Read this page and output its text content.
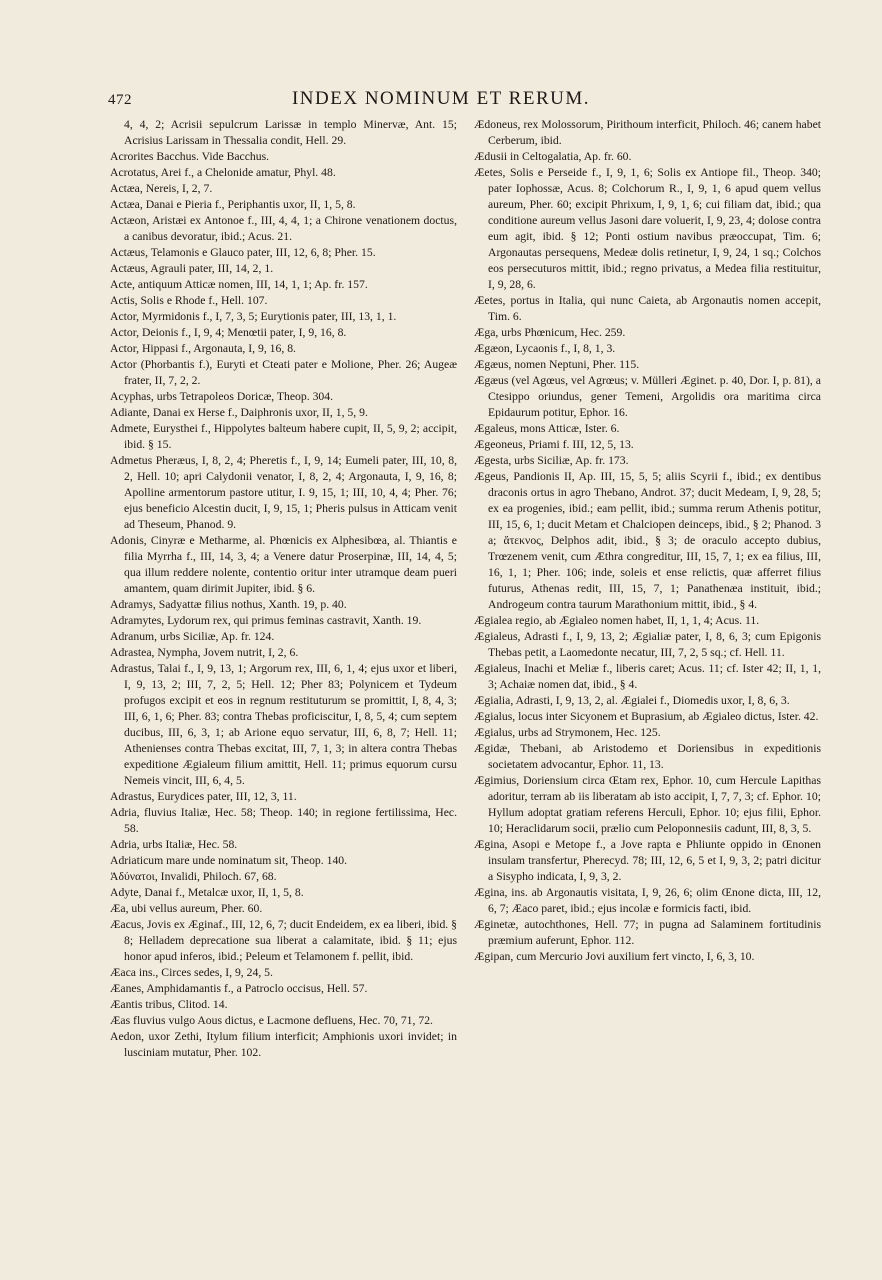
472	INDEX NOMINUM ET RERUM.

4, 4, 2; Acrisii sepulcrum Larissæ in templo Minervæ, Ant. 15; Acrisius Larissam in Thessalia condit, Hell. 29.

Acrorites Bacchus. Vide Bacchus.

Acrotatus, Arei f., a Chelonide amatur, Phyl. 48.

Actæa, Nereis, I, 2, 7.

Actæa, Danai e Pieria f., Periphantis uxor, II, 1, 5, 8.

Actæon, Aristæi ex Antonoe f., III, 4, 4, 1; a Chirone venationem doctus, a canibus devoratur, ibid.; Acus. 21.

Actæus, Telamonis e Glauco pater, III, 12, 6, 8; Pher. 15.

Actæus, Agrauli pater, III, 14, 2, 1.

Acte, antiquum Atticæ nomen, III, 14, 1, 1; Ap. fr. 157.

Actis, Solis e Rhode f., Hell. 107.

Actor, Myrmidonis f., I, 7, 3, 5; Eurytionis pater, III, 13, 1, 1.

Actor, Deionis f., I, 9, 4; Menœtii pater, I, 9, 16, 8.

Actor, Hippasi f., Argonauta, I, 9, 16, 8.

Actor (Phorbantis f.), Euryti et Cteati pater e Molione, Pher. 26; Augeæ frater, II, 7, 2, 2.

Acyphas, urbs Tetrapoleos Doricæ, Theop. 304.

Adiante, Danai ex Herse f., Daiphronis uxor, II, 1, 5, 9.

Admete, Eurysthei f., Hippolytes balteum habere cupit, II, 5, 9, 2; accipit, ibid. § 15.

Admetus Pheræus, I, 8, 2, 4; Pheretis f., I, 9, 14; Eumeli pater, III, 10, 8, 2, Hell. 10; apri Calydonii venator, I, 8, 2, 4; Argonauta, I, 9, 16, 8; Apolline armentorum pastore utitur, I. 9, 15, 1; III, 10, 4, 4; Pher. 76; ejus beneficio Alcestin ducit, I, 9, 15, 1; Pheris pulsus in Atticam venit ad Theseum, Phanod. 9.

Adonis, Cinyræ e Metharme, al. Phœnicis ex Alphesibœa, al. Thiantis e filia Myrrha f., III, 14, 3, 4; a Venere datur Proserpinæ, III, 14, 4, 5; qua illum reddere nolente, contentio oritur inter utramque deam pueri amantem, quam dirimit Jupiter, ibid. § 6.

Adramys, Sadyattæ filius nothus, Xanth. 19, p. 40.

Adramytes, Lydorum rex, qui primus feminas castravit, Xanth. 19.

Adranum, urbs Siciliæ, Ap. fr. 124.

Adrastea, Nympha, Jovem nutrit, I, 2, 6.

Adrastus, Talai f., I, 9, 13, 1; Argorum rex, III, 6, 1, 4; ejus uxor et liberi, I, 9, 13, 2; III, 7, 2, 5; Hell. 12; Pher 83; Polynicem et Tydeum profugos excipit et eos in regnum restituturum se promittit, I, 8, 4, 3; III, 6, 1, 6; Pher. 83; contra Thebas proficiscitur, I, 8, 5, 4; cum septem ducibus, III, 6, 3, 1; ab Arione equo servatur, III, 6, 8, 7; Hell. 11; Athenienses contra Thebas excitat, III, 7, 1, 3; in altera contra Thebas expeditione Ægialeum filium amittit, Hell. 11; primus equorum cursu Nemeis vincit, III, 6, 4, 5.

Adrastus, Eurydices pater, III, 12, 3, 11.

Adria, fluvius Italiæ, Hec. 58; Theop. 140; in regione fertilissima, Hec. 58.

Adria, urbs Italiæ, Hec. 58.

Adriaticum mare unde nominatum sit, Theop. 140.

Ἀδύνατοι, Invalidi, Philoch. 67, 68.

Adyte, Danai f., Metalcæ uxor, II, 1, 5, 8.

Æa, ubi vellus aureum, Pher. 60.

Æacus, Jovis ex Æginaf., III, 12, 6, 7; ducit Endeidem, ex ea liberi, ibid. § 8; Helladem deprecatione sua liberat a calamitate, ibid. § 11; ejus honor apud inferos, ibid.; Peleum et Telamonem f. pellit, ibid.

Æaca ins., Circes sedes, I, 9, 24, 5.

Æanes, Amphidamantis f., a Patroclo occisus, Hell. 57.

Æantis tribus, Clitod. 14.

Æas fluvius vulgo Aous dictus, e Lacmone defluens, Hec. 70, 71, 72.

Aedon, uxor Zethi, Itylum filium interficit; Amphionis uxori invidet; in lusciniam mutatur, Pher. 102.

Ædoneus, rex Molossorum, Pirithoum interficit, Philoch. 46; canem habet Cerberum, ibid.

Ædusii in Celtogalatia, Ap. fr. 60.

Æetes, Solis e Perseide f., I, 9, 1, 6; Solis ex Antiope fil., Theop. 340; pater Iophossæ, Acus. 8; Colchorum R., I, 9, 1, 6 apud quem vellus aureum, Pher. 60; excipit Phrixum, I, 9, 1, 6; cui filiam dat, ibid.; qua conditione aureum vellus Jasoni dare voluerit, I, 9, 23, 4; dolose contra eum agit, ibid. § 12; Ponti ostium navibus præoccupat, Tim. 6; Argonautas persequens, Medeæ dolis retinetur, I, 9, 24, 1 sq.; Colchos eos persecuturos mittit, ibid.; regno privatus, a Medea filia restituitur, I, 9, 28, 6.

Æetes, portus in Italia, qui nunc Caieta, ab Argonautis nomen accepit, Tim. 6.

Æga, urbs Phœnicum, Hec. 259.

Ægæon, Lycaonis f., I, 8, 1, 3.

Ægæus, nomen Neptuni, Pher. 115.

Ægæus (vel Agœus, vel Agrœus; v. Mülleri Æginet. p. 40, Dor. I, p. 81), a Ctesippo oriundus, gener Temeni, Argolidis ora maritima circa Epidaurum potitur, Ephor. 16.

Ægaleus, mons Atticæ, Ister. 6.

Ægeoneus, Priami f. III, 12, 5, 13.

Ægesta, urbs Siciliæ, Ap. fr. 173.

Ægeus, Pandionis II, Ap. III, 15, 5, 5; aliis Scyrii f., ibid.; ex dentibus draconis ortus in agro Thebano, Androt. 37; ducit Medeam, I, 9, 28, 5; ex ea progenies, ibid.; eam pellit, ibid.; summa rerum Athenis potitur, III, 15, 6, 1; ducit Metam et Chalciopen deinceps, ibid., § 2; Phanod. 3 a; ἄτεκνος, Delphos adit, ibid., § 3; de oraculo accepto dubius, Trœzenem venit, cum Æthra congreditur, III, 15, 7, 1; ex ea filius, III, 16, 1, 1; Pher. 106; inde, soleis et ense relictis, quæ afferret filius futurus, Athenas redit, III, 15, 7, 1; Panathenæa instituit, ibid.; Androgeum contra taurum Marathonium mittit, ibid., § 4.

Ægialea regio, ab Ægialeo nomen habet, II, 1, 1, 4; Acus. 11.

Ægialeus, Adrasti f., I, 9, 13, 2; Ægialiæ pater, I, 8, 6, 3; cum Epigonis Thebas petit, a Laomedonte necatur, III, 7, 2, 5 sq.; cf. Hell. 11.

Ægialeus, Inachi et Meliæ f., liberis caret; Acus. 11; cf. Ister 42; II, 1, 1, 3; Achaiæ nomen dat, ibid., § 4.

Ægialia, Adrasti, I, 9, 13, 2, al. Ægialei f., Diomedis uxor, I, 8, 6, 3.

Ægialus, locus inter Sicyonem et Buprasium, ab Ægialeo dictus, Ister. 42.

Ægialus, urbs ad Strymonem, Hec. 125.

Ægidæ, Thebani, ab Aristodemo et Doriensibus in expeditionis societatem advocantur, Ephor. 11, 13.

Ægimius, Doriensium circa Œtam rex, Ephor. 10, cum Hercule Lapithas adoritur, terram ab iis liberatam ab isto accipit, I, 7, 7, 3; cf. Ephor. 10; Hyllum adoptat gratiam referens Herculi, Ephor. 10; ejus filii, Ephor. 10; Heraclidarum socii, prælio cum Peloponnesiis cadunt, III, 8, 3, 5.

Ægina, Asopi e Metope f., a Jove rapta e Phliunte oppido in Œnonen insulam transfertur, Pherecyd. 78; III, 12, 6, 5 et I, 9, 3, 2; patri dicitur a Sisypho indicata, I, 9, 3, 2.

Ægina, ins. ab Argonautis visitata, I, 9, 26, 6; olim Œnone dicta, III, 12, 6, 7; Æaco paret, ibid.; ejus incolæ e formicis facti, ibid.

Æginetæ, autochthones, Hell. 77; in pugna ad Salaminem fortitudinis præmium auferunt, Ephor. 112.

Ægipan, cum Mercurio Jovi auxilium fert vincto, I, 6, 3, 10.
